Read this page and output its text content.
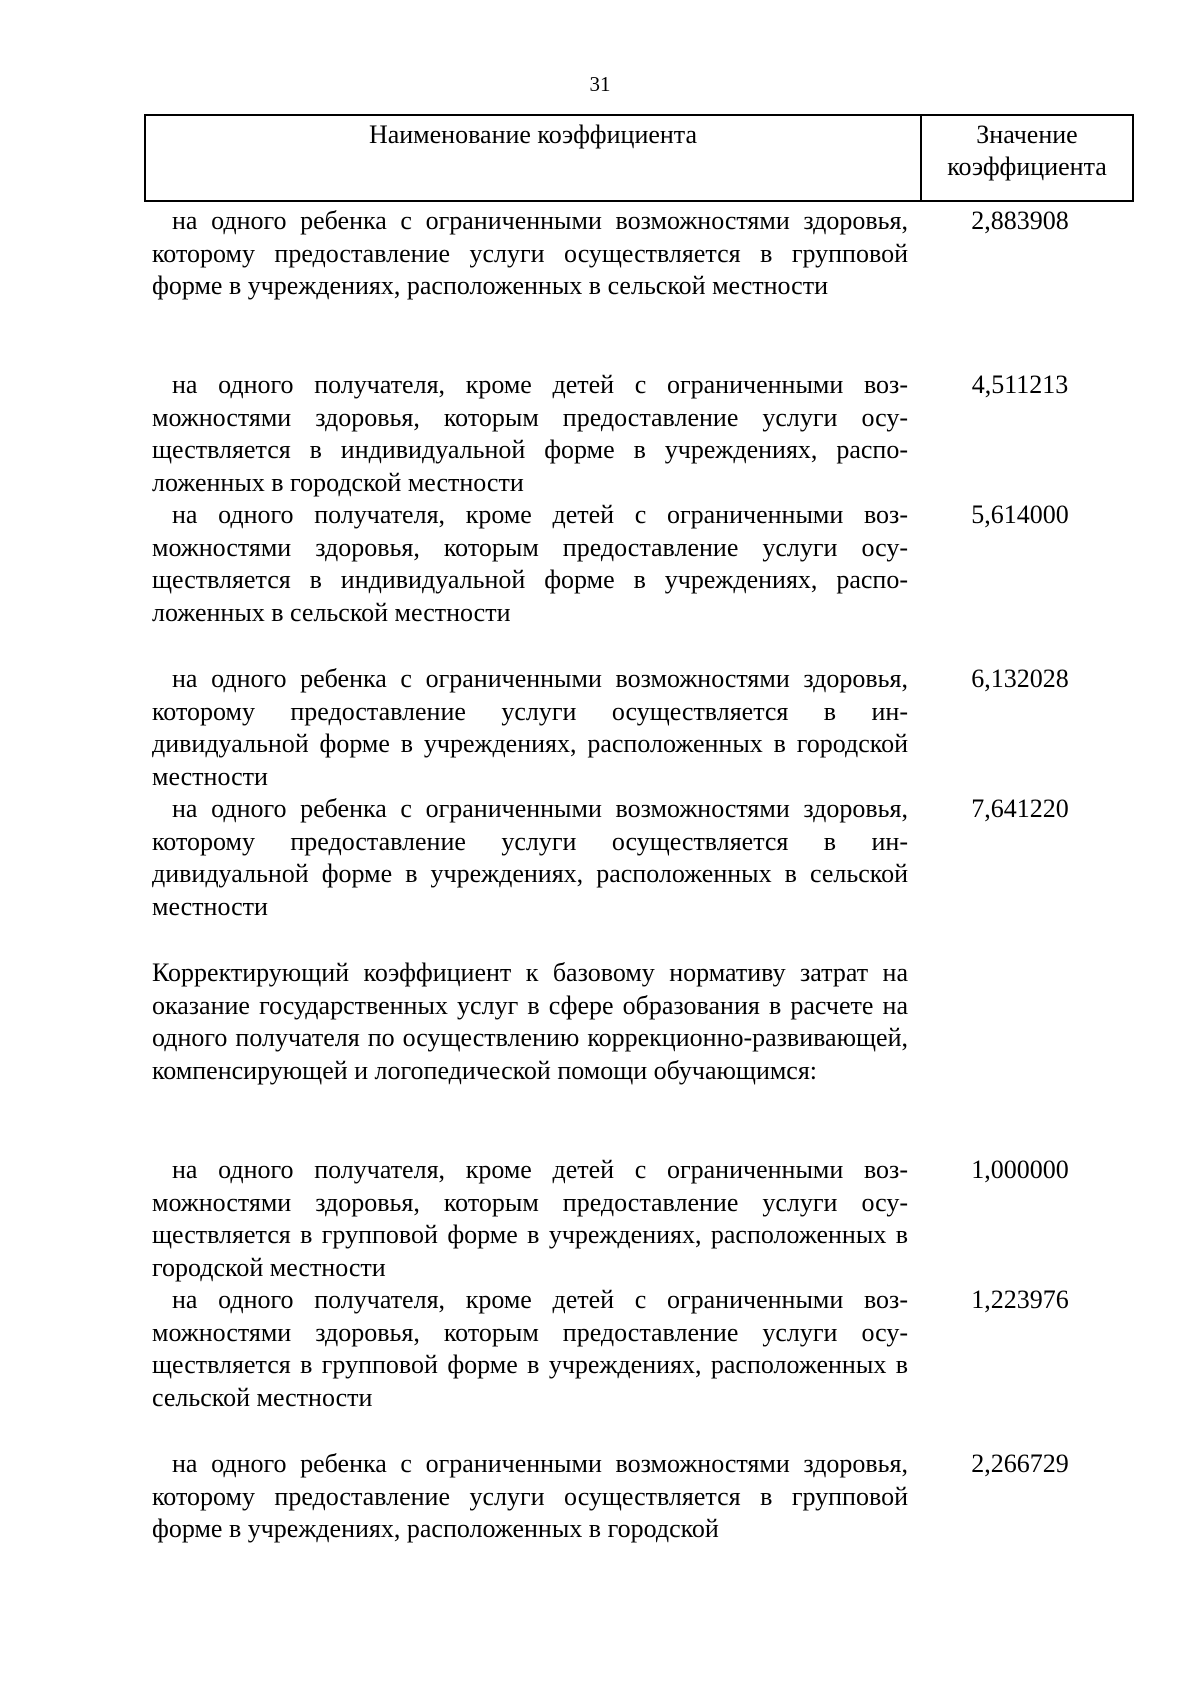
31
Наименование коэффициента	Значение коэффициента

на одного ребенка с ограниченными возможностями здоровья, которому предоставление услуги осуществляется в групповой форме в учреждениях, расположенных в сельской местности

2,883908

на одного получателя, кроме детей с ограниченными возможностями здоровья, которым предоставление услуги осуществляется в индивидуальной форме в учреждениях, расположенных в городской местности

4,511213

на одного получателя, кроме детей с ограниченными возможностями здоровья, которым предоставление услуги осуществляется в индивидуальной форме в учреждениях, расположенных в сельской местности

5,614000

на одного ребенка с ограниченными возможностями здоровья, которому предоставление услуги осуществляется в индивидуальной форме в учреждениях, расположенных в городской местности

6,132028

на одного ребенка с ограниченными возможностями здоровья, которому предоставление услуги осуществляется в индивидуальной форме в учреждениях, расположенных в сельской местности

7,641220

Корректирующий коэффициент к базовому нормативу затрат на оказание государственных услуг в сфере образования в расчете на одного получателя по осуществлению коррекционно-развивающей, компенсирующей и логопедической помощи обучающимся:

на одного получателя, кроме детей с ограниченными возможностями здоровья, которым предоставление услуги осуществляется в групповой форме в учреждениях, расположенных в городской местности

1,000000

на одного получателя, кроме детей с ограниченными возможностями здоровья, которым предоставление услуги осуществляется в групповой форме в учреждениях, расположенных в сельской местности

1,223976

на одного ребенка с ограниченными возможностями здоровья, которому предоставление услуги осуществляется в групповой форме в учреждениях, расположенных в городской

2,266729
